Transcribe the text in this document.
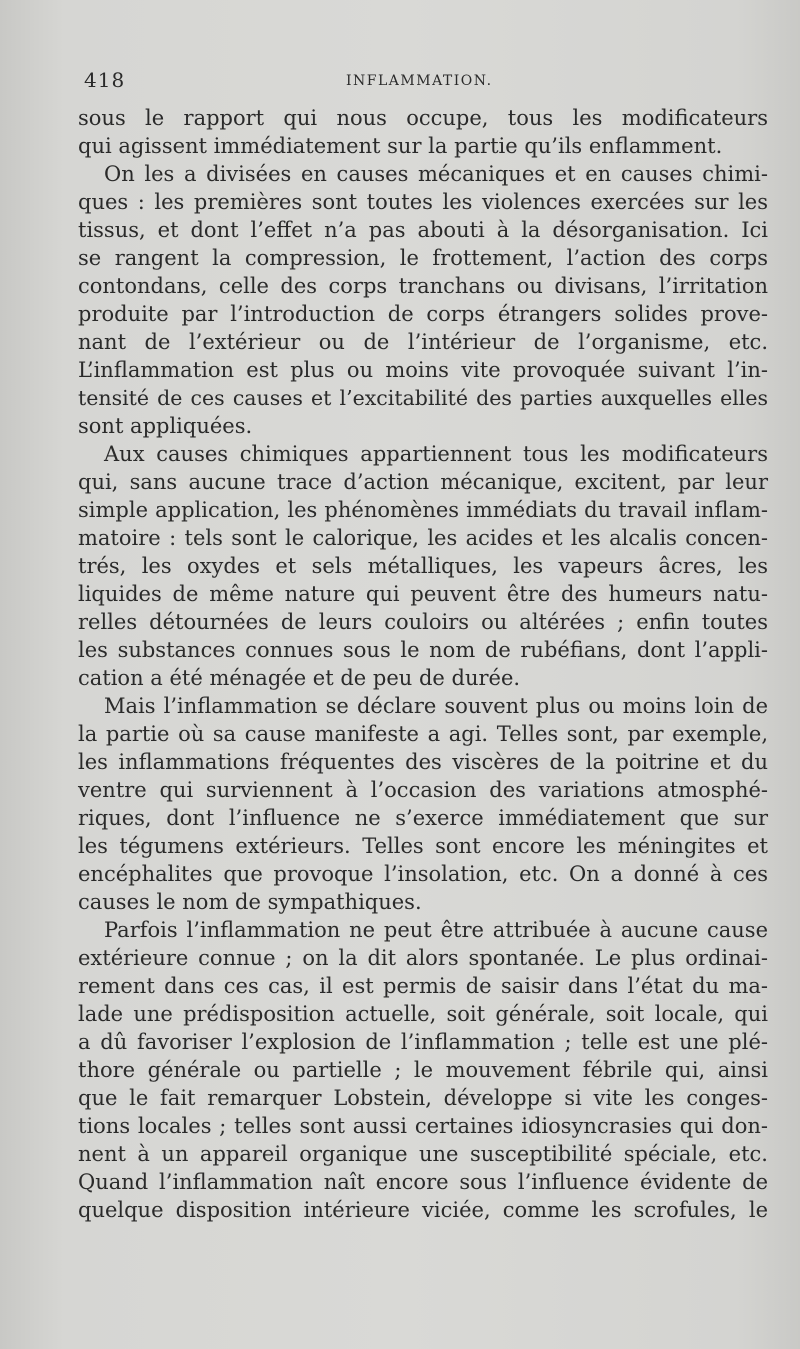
418	INFLAMMATION.
sous le rapport qui nous occupe, tous les modificateurs
qui agissent immédiatement sur la partie qu’ils enflamment.
On les a divisées en causes mécaniques et en causes chimi-
ques : les premières sont toutes les violences exercées sur les
tissus, et dont l’effet n’a pas abouti à la désorganisation. Ici
se rangent la compression, le frottement, l’action des corps
contondans, celle des corps tranchans ou divisans, l’irritation
produite par l’introduction de corps étrangers solides prove-
nant de l’extérieur ou de l’intérieur de l’organisme, etc.
L’inflammation est plus ou moins vite provoquée suivant l’in-
tensité de ces causes et l’excitabilité des parties auxquelles elles
sont appliquées.
Aux causes chimiques appartiennent tous les modificateurs
qui, sans aucune trace d’action mécanique, excitent, par leur
simple application, les phénomènes immédiats du travail inflam-
matoire : tels sont le calorique, les acides et les alcalis concen-
trés, les oxydes et sels métalliques, les vapeurs âcres, les
liquides de même nature qui peuvent être des humeurs natu-
relles détournées de leurs couloirs ou altérées ; enfin toutes
les substances connues sous le nom de rubéfians, dont l’appli-
cation a été ménagée et de peu de durée.
Mais l’inflammation se déclare souvent plus ou moins loin de
la partie où sa cause manifeste a agi. Telles sont, par exemple,
les inflammations fréquentes des viscères de la poitrine et du
ventre qui surviennent à l’occasion des variations atmosphé-
riques, dont l’influence ne s’exerce immédiatement que sur
les tégumens extérieurs. Telles sont encore les méningites et
encéphalites que provoque l’insolation, etc. On a donné à ces
causes le nom de sympathiques.
Parfois l’inflammation ne peut être attribuée à aucune cause
extérieure connue ; on la dit alors spontanée. Le plus ordinai-
rement dans ces cas, il est permis de saisir dans l’état du ma-
lade une prédisposition actuelle, soit générale, soit locale, qui
a dû favoriser l’explosion de l’inflammation ; telle est une plé-
thore générale ou partielle ; le mouvement fébrile qui, ainsi
que le fait remarquer Lobstein, développe si vite les conges-
tions locales ; telles sont aussi certaines idiosyncrasies qui don-
nent à un appareil organique une susceptibilité spéciale, etc.
Quand l’inflammation naît encore sous l’influence évidente de
quelque disposition intérieure viciée, comme les scrofules, le
